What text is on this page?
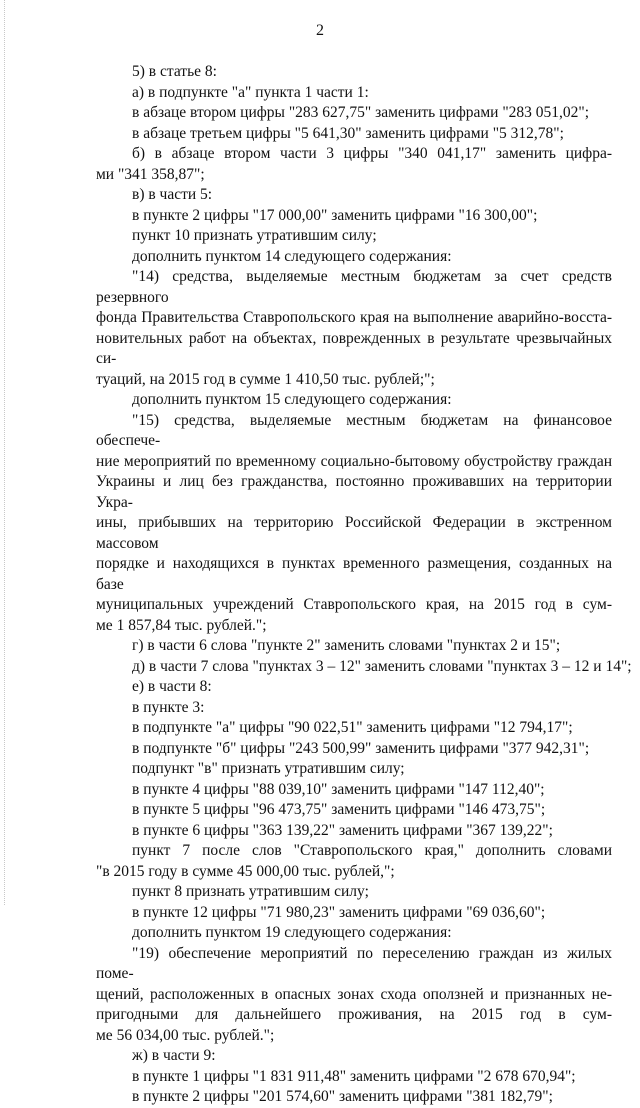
2

5) в статье 8:

а) в подпункте "а" пункта 1 части 1:

в абзаце втором цифры "283 627,75" заменить цифрами "283 051,02";

в абзаце третьем цифры "5 641,30" заменить цифрами "5 312,78";

б) в абзаце втором части 3 цифры "340 041,17" заменить цифра-

ми "341 358,87";

в) в части 5:

в пункте 2 цифры "17 000,00" заменить цифрами "16 300,00";

пункт 10 признать утратившим силу;

дополнить пунктом 14 следующего содержания:

"14) средства, выделяемые местным бюджетам за счет средств резервного

фонда Правительства Ставропольского края на выполнение аварийно-восста-

новительных работ на объектах, поврежденных в результате чрезвычайных си-

туаций, на 2015 год в сумме 1 410,50 тыс. рублей;";

дополнить пунктом 15 следующего содержания:

"15) средства, выделяемые местным бюджетам на финансовое обеспече-

ние мероприятий по временному социально-бытовому обустройству граждан

Украины и лиц без гражданства, постоянно проживавших на территории Укра-

ины, прибывших на территорию Российской Федерации в экстренном массовом

порядке и находящихся в пунктах временного размещения, созданных на базе

муниципальных учреждений Ставропольского края, на 2015 год в сум-

ме 1 857,84 тыс. рублей.";

г) в части 6 слова "пункте 2" заменить словами "пунктах 2 и 15";

д) в части 7 слова "пунктах 3 – 12" заменить словами "пунктах 3 – 12 и 14";

е) в части 8:

в пункте 3:

в подпункте "а" цифры "90 022,51" заменить цифрами "12 794,17";

в подпункте "б" цифры "243 500,99" заменить цифрами "377 942,31";

подпункт "в" признать утратившим силу;

в пункте 4 цифры "88 039,10" заменить цифрами "147 112,40";

в пункте 5 цифры "96 473,75" заменить цифрами "146 473,75";

в пункте 6 цифры "363 139,22" заменить цифрами "367 139,22";

пункт 7 после слов "Ставропольского края," дополнить словами

"в 2015 году в сумме 45 000,00 тыс. рублей,";

пункт 8 признать утратившим силу;

в пункте 12 цифры "71 980,23" заменить цифрами "69 036,60";

дополнить пунктом 19 следующего содержания:

"19) обеспечение мероприятий по переселению граждан из жилых поме-

щений, расположенных в опасных зонах схода оползней и признанных не-

пригодными для дальнейшего проживания, на 2015 год в сум-

ме 56 034,00 тыс. рублей.";

ж) в части 9:

в пункте 1 цифры "1 831 911,48" заменить цифрами "2 678 670,94";

в пункте 2 цифры "201 574,60" заменить цифрами "381 182,79";
